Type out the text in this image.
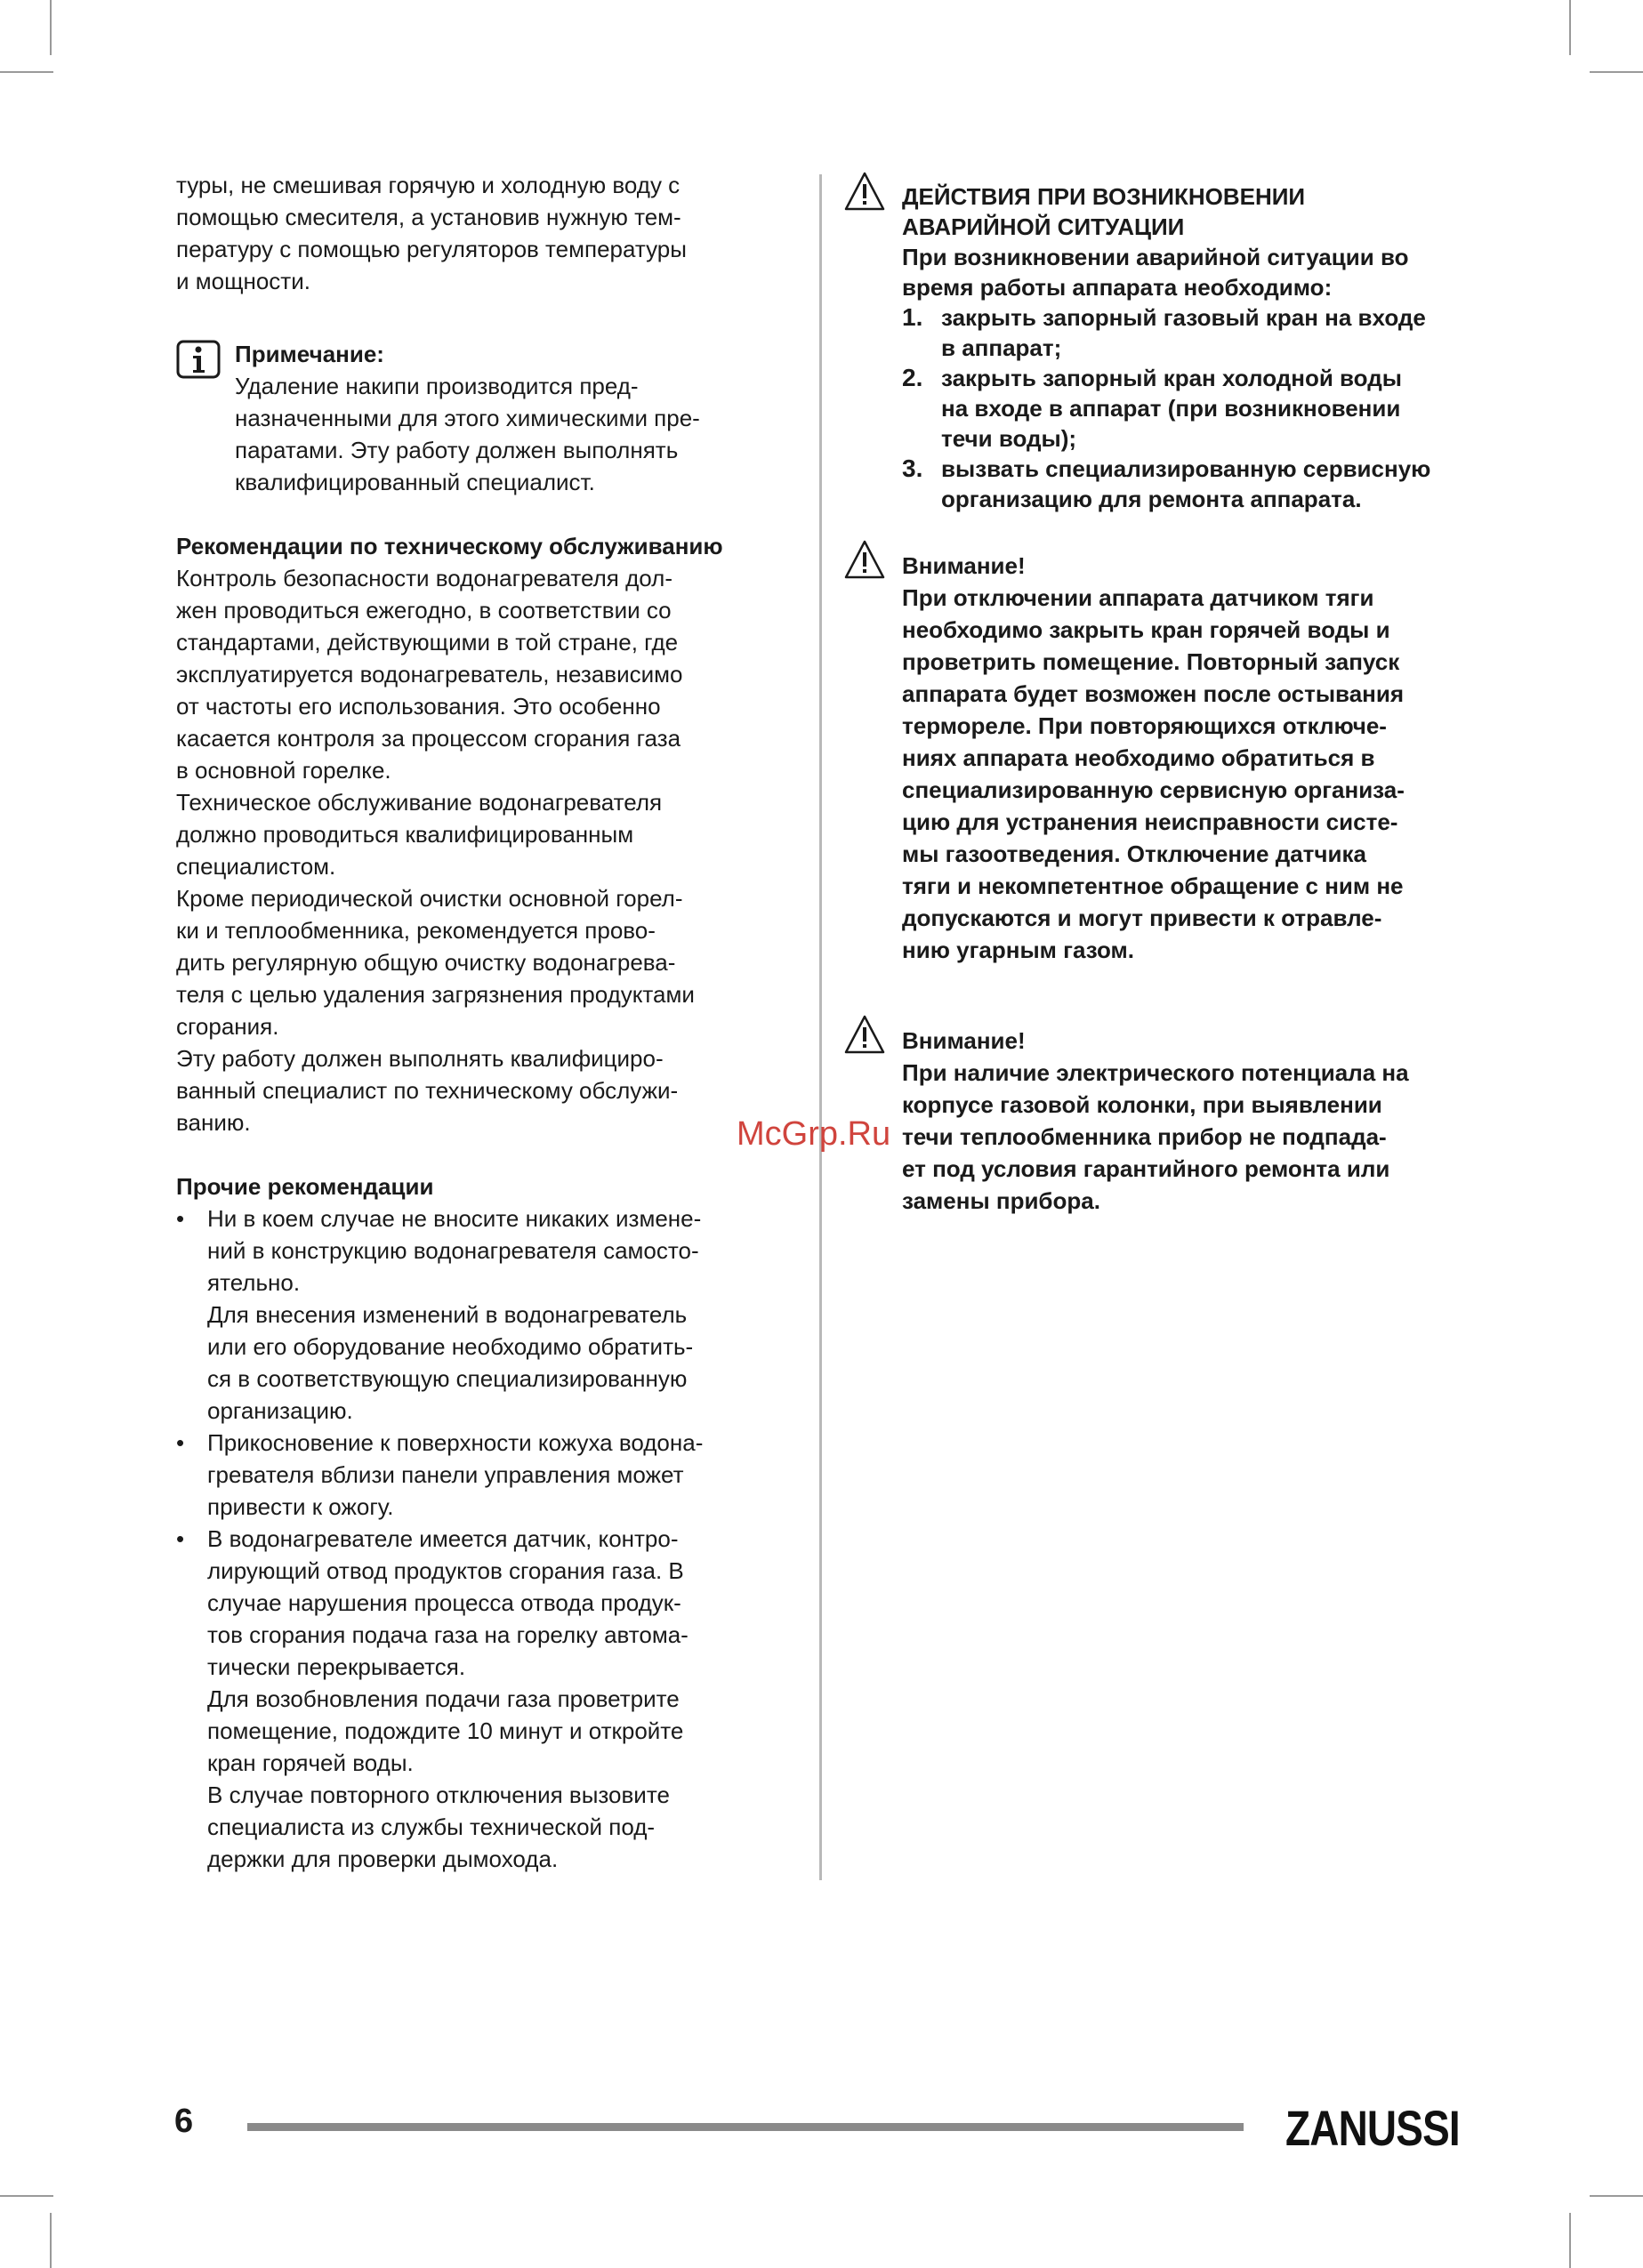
туры, не смешивая горячую и холодную воду с
помощью смесителя, а установив нужную тем-
пературу с помощью регуляторов температуры
и мощности.

Примечание:

Удаление накипи производится пред-
назначенными для этого химическими пре-
паратами. Эту работу должен выполнять
квалифицированный специалист.

Рекомендации по техническому обслуживанию

Контроль безопасности водонагревателя дол-
жен проводиться ежегодно, в соответствии со
стандартами, действующими в той стране, где
эксплуатируется водонагреватель, независимо
от частоты его использования. Это особенно
касается контроля за процессом сгорания газа
в основной горелке.
Техническое обслуживание водонагревателя
должно проводиться квалифицированным
специалистом.
Кроме периодической очистки основной горел-
ки и теплообменника, рекомендуется прово-
дить регулярную общую очистку водонагрева-
теля с целью удаления загрязнения продуктами
сгорания.
Эту работу должен выполнять квалифициро-
ванный специалист по техническому обслужи-
ванию.

Прочие рекомендации

• Ни в коем случае не вносите никаких измене-
ний в конструкцию водонагревателя самосто-
ятельно.
Для внесения изменений в водонагреватель
или его оборудование необходимо обратить-
ся в соответствующую специализированную
организацию.
• Прикосновение к поверхности кожуха водона-
гревателя вблизи панели управления может
привести к ожогу.
• В водонагревателе имеется датчик, контро-
лирующий отвод продуктов сгорания газа. В
случае нарушения процесса отвода продук-
тов сгорания подача газа на горелку автома-
тически перекрывается.
Для возобновления подачи газа проветрите
помещение, подождите 10 минут и откройте
кран горячей воды.
В случае повторного отключения вызовите
специалиста из службы технической под-
держки для проверки дымохода.

ДЕЙСТВИЯ ПРИ ВОЗНИКНОВЕНИИ
АВАРИЙНОЙ СИТУАЦИИ

При возникновении аварийной ситуации во
время работы аппарата необходимо:

1. закрыть запорный газовый кран на входе
в аппарат;
2. закрыть запорный кран холодной воды
на входе в аппарат (при возникновении
течи воды);
3. вызвать специализированную сервисную
организацию для ремонта аппарата.

Внимание!

При отключении аппарата датчиком тяги
необходимо закрыть кран горячей воды и
проветрить помещение. Повторный запуск
аппарата будет возможен после остывания
термореле. При повторяющихся отключе-
ниях аппарата необходимо обратиться в
специализированную сервисную организа-
цию для устранения неисправности систе-
мы газоотведения. Отключение датчика
тяги и некомпетентное обращение с ним не
допускаются и могут привести к отравле-
нию угарным газом.

Внимание!

При наличие электрического потенциала на
корпусе газовой колонки, при выявлении
течи теплообменника прибор не подпада-
ет под условия гарантийного ремонта или
замены прибора.

McGrp.Ru
6	ZANUSSI
